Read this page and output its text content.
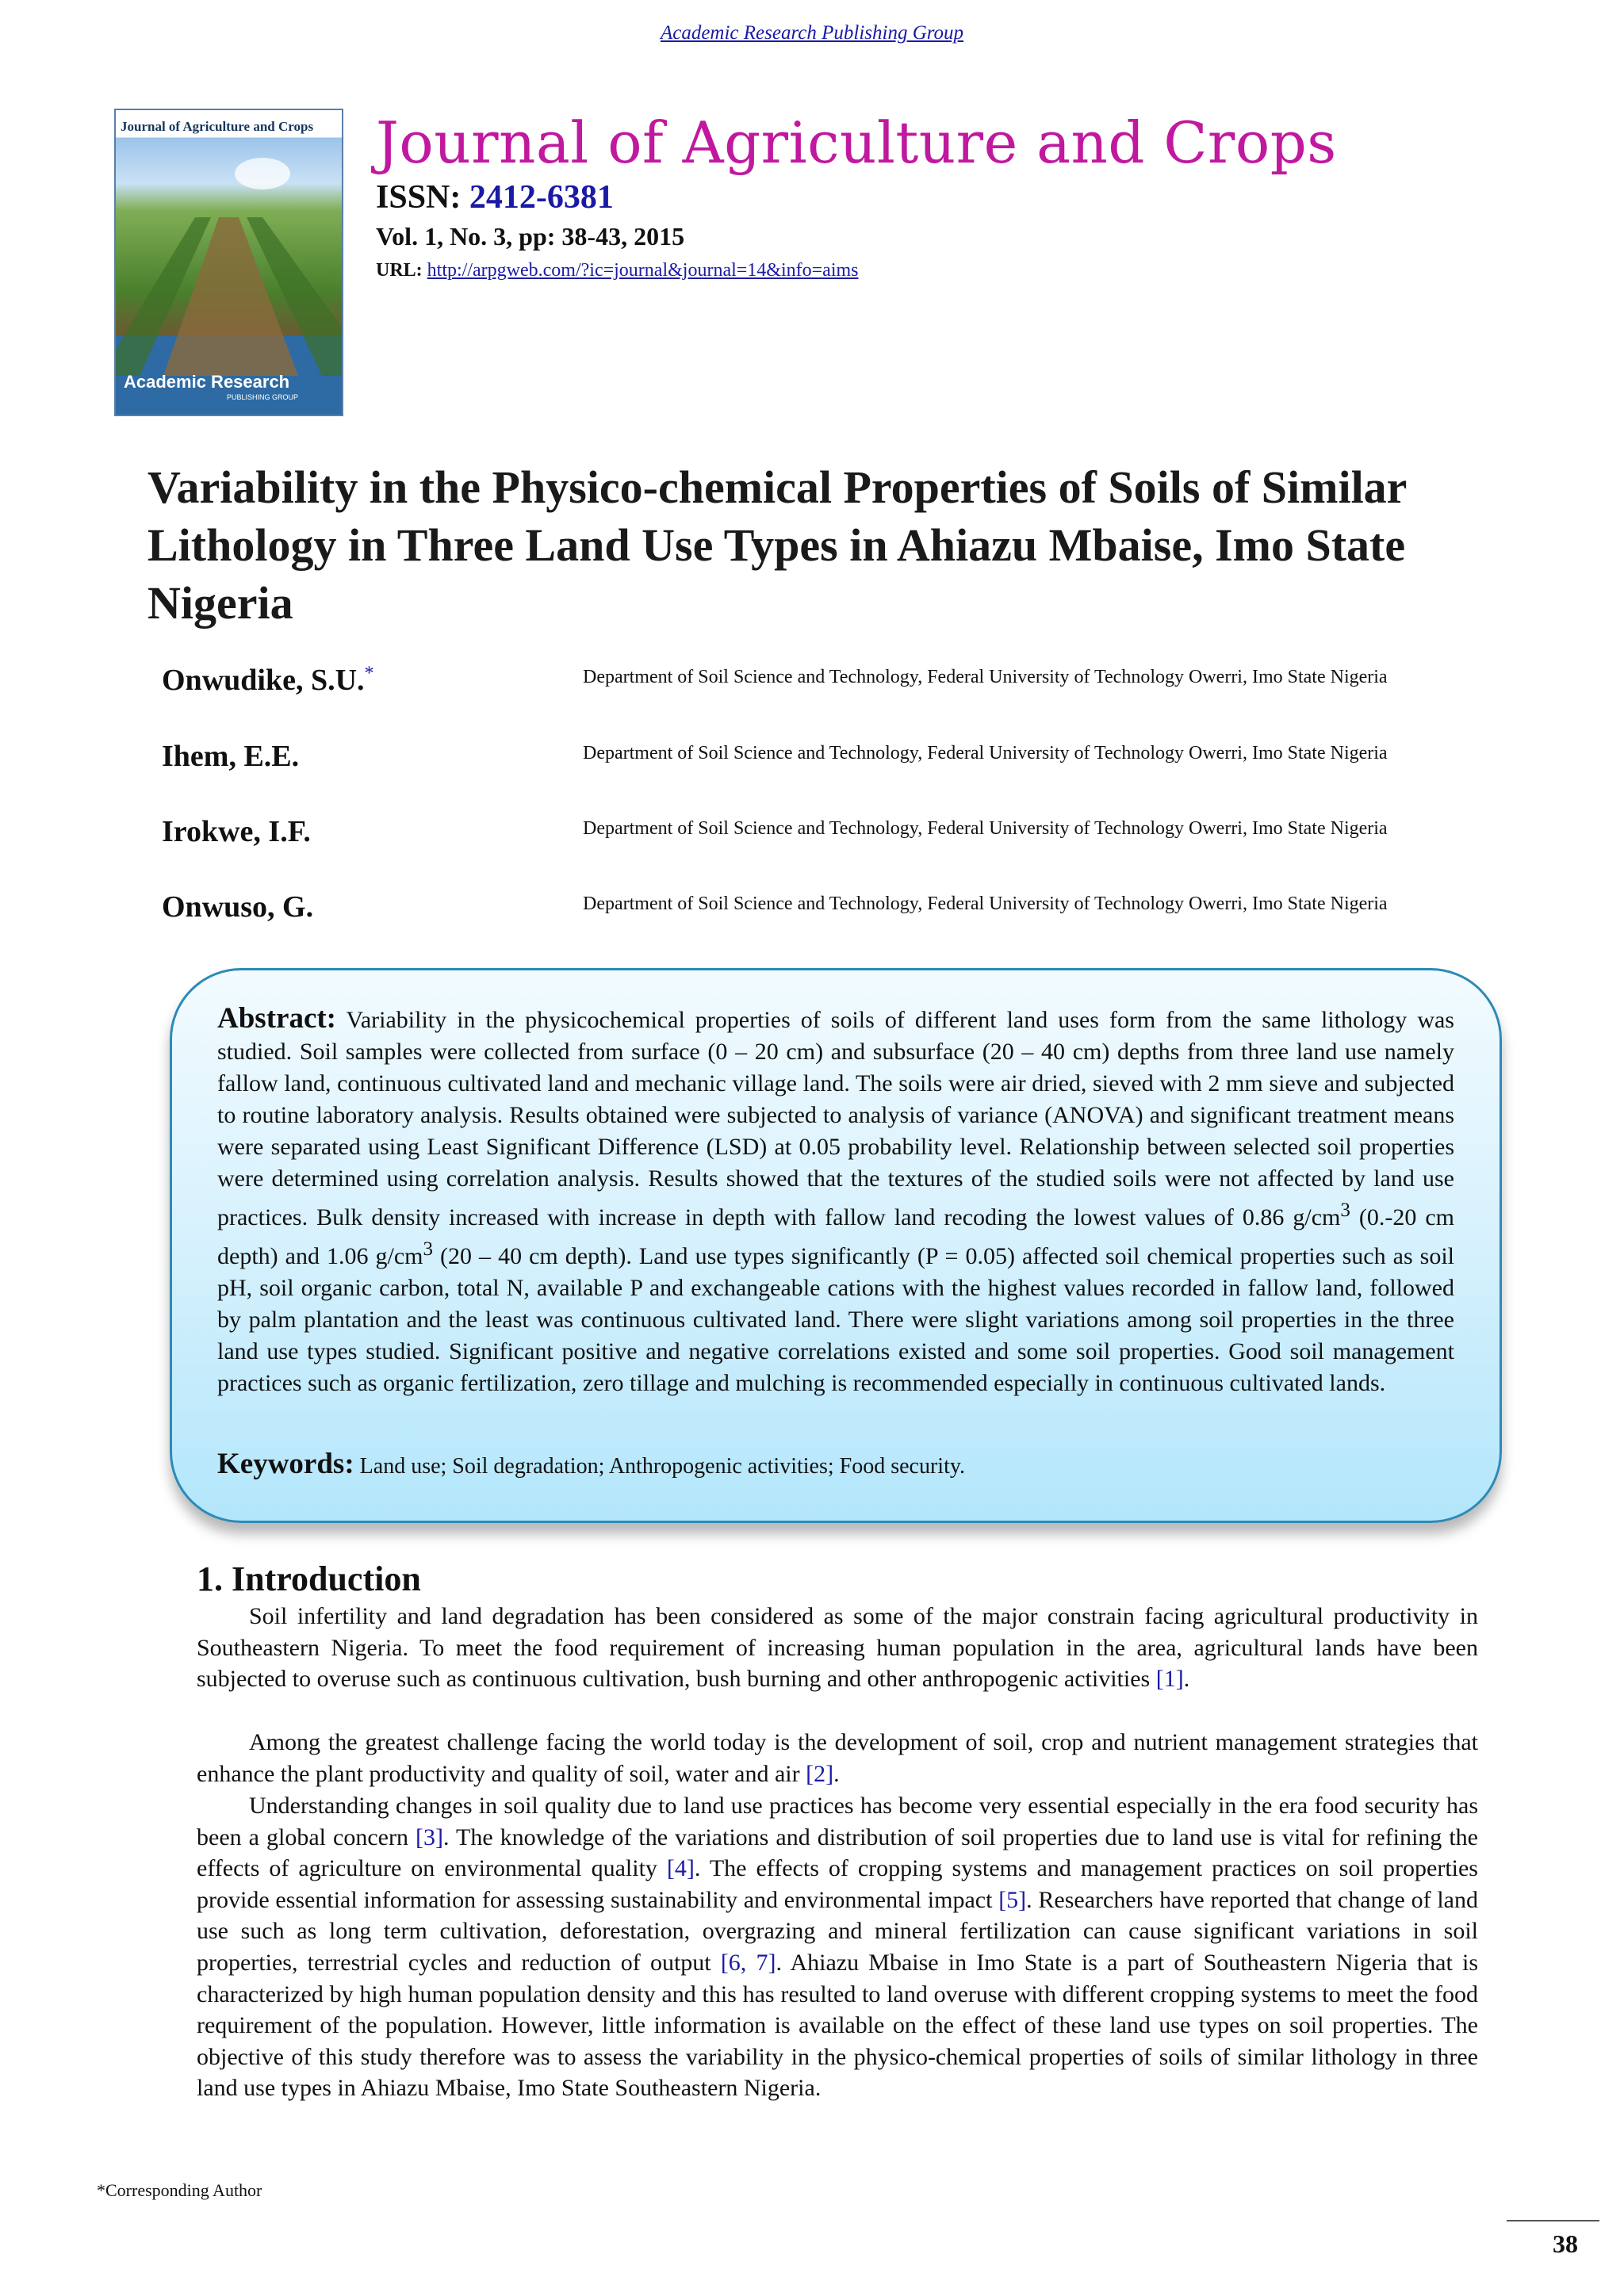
Academic Research Publishing Group
Journal of Agriculture and Crops
Academic Research
PUBLISHING GROUP
Journal of Agriculture and Crops
ISSN: 2412-6381
Vol. 1, No. 3, pp: 38-43, 2015
URL: http://arpgweb.com/?ic=journal&journal=14&info=aims
Variability in the Physico-chemical Properties of Soils of Similar Lithology in Three Land Use Types in Ahiazu Mbaise, Imo State Nigeria
Onwudike, S.U.*	Department of Soil Science and Technology, Federal University of Technology Owerri, Imo State Nigeria
Ihem, E.E.	Department of Soil Science and Technology, Federal University of Technology Owerri, Imo State Nigeria
Irokwe, I.F.	Department of Soil Science and Technology, Federal University of Technology Owerri, Imo State Nigeria
Onwuso, G.	Department of Soil Science and Technology, Federal University of Technology Owerri, Imo State Nigeria
Abstract: Variability in the physicochemical properties of soils of different land uses form from the same lithology was studied. Soil samples were collected from surface (0 – 20 cm) and subsurface (20 – 40 cm) depths from three land use namely fallow land, continuous cultivated land and mechanic village land. The soils were air dried, sieved with 2 mm sieve and subjected to routine laboratory analysis. Results obtained were subjected to analysis of variance (ANOVA) and significant treatment means were separated using Least Significant Difference (LSD) at 0.05 probability level. Relationship between selected soil properties were determined using correlation analysis. Results showed that the textures of the studied soils were not affected by land use practices. Bulk density increased with increase in depth with fallow land recoding the lowest values of 0.86 $g/cm^3$ (0.-20 cm depth) and 1.06 $g/cm^3$ (20 – 40 cm depth). Land use types significantly (P = 0.05) affected soil chemical properties such as soil pH, soil organic carbon, total N, available P and exchangeable cations with the highest values recorded in fallow land, followed by palm plantation and the least was continuous cultivated land. There were slight variations among soil properties in the three land use types studied. Significant positive and negative correlations existed and some soil properties. Good soil management practices such as organic fertilization, zero tillage and mulching is recommended especially in continuous cultivated lands.
Keywords: Land use; Soil degradation; Anthropogenic activities; Food security.
1. Introduction
Soil infertility and land degradation has been considered as some of the major constrain facing agricultural productivity in Southeastern Nigeria. To meet the food requirement of increasing human population in the area, agricultural lands have been subjected to overuse such as continuous cultivation, bush burning and other anthropogenic activities [1].
Among the greatest challenge facing the world today is the development of soil, crop and nutrient management strategies that enhance the plant productivity and quality of soil, water and air [2].
Understanding changes in soil quality due to land use practices has become very essential especially in the era food security has been a global concern [3]. The knowledge of the variations and distribution of soil properties due to land use is vital for refining the effects of agriculture on environmental quality [4]. The effects of cropping systems and management practices on soil properties provide essential information for assessing sustainability and environmental impact [5]. Researchers have reported that change of land use such as long term cultivation, deforestation, overgrazing and mineral fertilization can cause significant variations in soil properties, terrestrial cycles and reduction of output [6, 7]. Ahiazu Mbaise in Imo State is a part of Southeastern Nigeria that is characterized by high human population density and this has resulted to land overuse with different cropping systems to meet the food requirement of the population. However, little information is available on the effect of these land use types on soil properties. The objective of this study therefore was to assess the variability in the physico-chemical properties of soils of similar lithology in three land use types in Ahiazu Mbaise, Imo State Southeastern Nigeria.
*Corresponding Author
38
